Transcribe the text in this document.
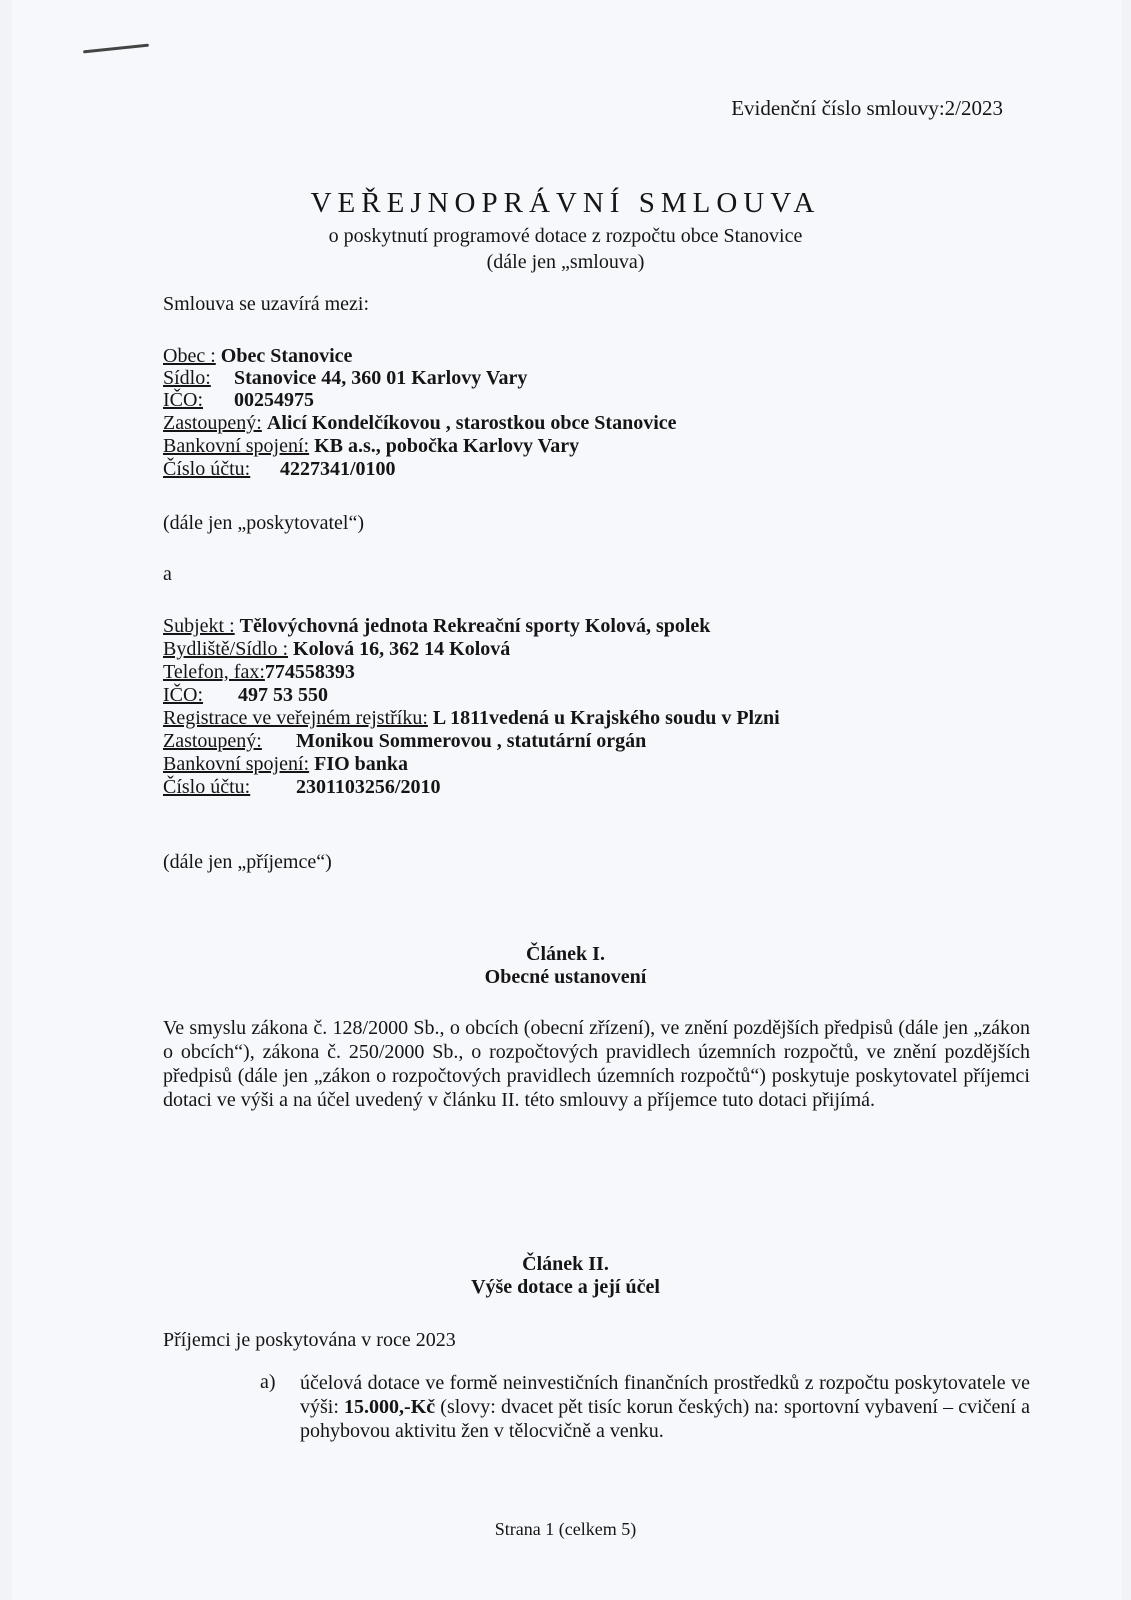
Evidenční číslo smlouvy:2/2023
VEŘEJNOPRÁVNÍ SMLOUVA
o poskytnutí programové dotace z rozpočtu obce Stanovice
(dále jen „smlouva)
Smlouva se uzavírá mezi:
Obec : Obec Stanovice
Sídlo: Stanovice 44, 360 01 Karlovy Vary
IČO: 00254975
Zastoupený: Alicí Kondelčíkovou , starostkou obce Stanovice
Bankovní spojení: KB a.s., pobočka Karlovy Vary
Číslo účtu: 4227341/0100
(dále jen „poskytovatel“)
a
Subjekt : Tělovýchovná jednota Rekreační sporty Kolová, spolek
Bydliště/Sídlo : Kolová 16, 362 14 Kolová
Telefon, fax:774558393
IČO: 497 53 550
Registrace ve veřejném rejstříku: L 1811vedená u Krajského soudu v Plzni
Zastoupený: Monikou Sommerovou , statutární orgán
Bankovní spojení: FIO banka
Číslo účtu: 2301103256/2010
(dále jen „příjemce“)
Článek I.
Obecné ustanovení
Ve smyslu zákona č. 128/2000 Sb., o obcích (obecní zřízení), ve znění pozdějších předpisů (dále jen „zákon o obcích“), zákona č. 250/2000 Sb., o rozpočtových pravidlech územních rozpočtů, ve znění pozdějších předpisů (dále jen „zákon o rozpočtových pravidlech územních rozpočtů“) poskytuje poskytovatel příjemci dotaci ve výši a na účel uvedený v článku II. této smlouvy a příjemce tuto dotaci přijímá.
Článek II.
Výše dotace a její účel
Příjemci je poskytována v roce 2023
a) účelová dotace ve formě neinvestičních finančních prostředků z rozpočtu poskytovatele ve výši: 15.000,-Kč (slovy: dvacet pět tisíc korun českých) na: sportovní vybavení – cvičení a pohybovou aktivitu žen v tělocvičně a venku.
Strana 1 (celkem 5)
